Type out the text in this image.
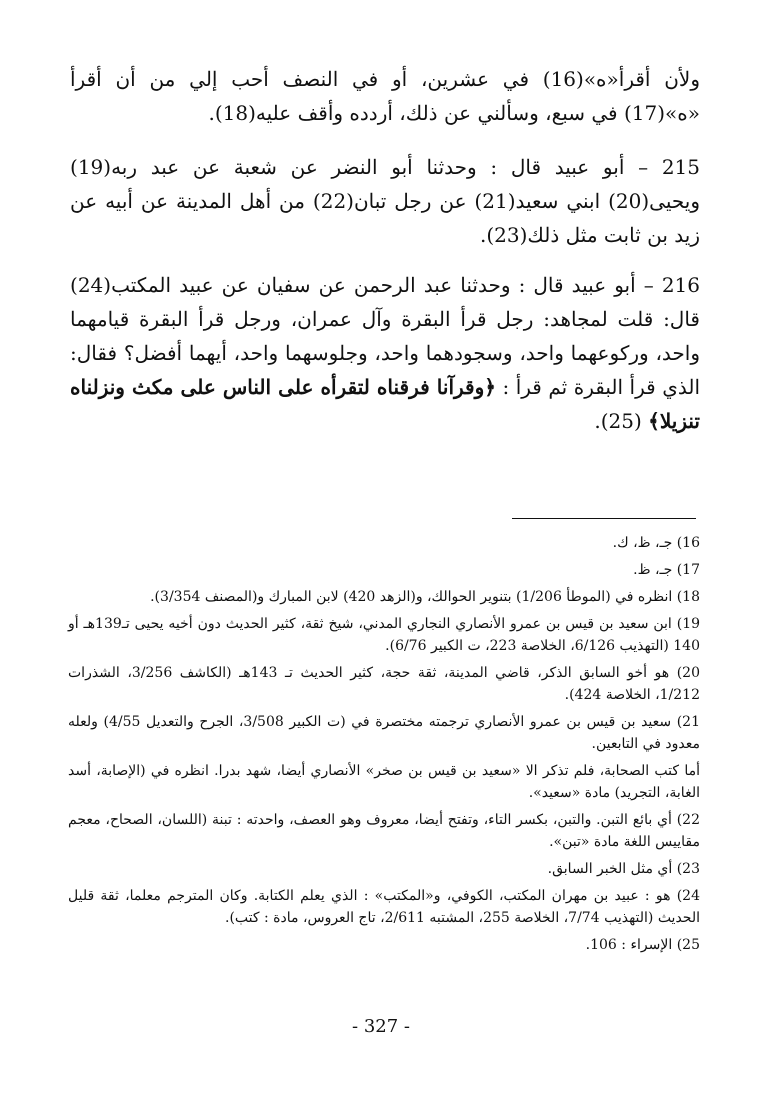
ولأن أقرأ«ه»(16) في عشرين، أو في النصف أحب إلي من أن أقرأ «ه»(17) في سبع، وسألني عن ذلك، أردده وأقف عليه(18).

215 – أبو عبيد قال : وحدثنا أبو النضر عن شعبة عن عبد ربه(19) ويحيى(20) ابني سعيد(21) عن رجل تبان(22) من أهل المدينة عن أبيه عن زيد بن ثابت مثل ذلك(23).

216 – أبو عبيد قال : وحدثنا عبد الرحمن عن سفيان عن عبيد المكتب(24) قال: قلت لمجاهد: رجل قرأ البقرة وآل عمران، ورجل قرأ البقرة قيامهما واحد، وركوعهما واحد، وسجودهما واحد، وجلوسهما واحد، أيهما أفضل؟ فقال: الذي قرأ البقرة ثم قرأ : ﴿وقرآنا فرقناه لتقرأه على الناس على مكث ونزلناه تنزيلا﴾ (25).

16) جـ، ظ، ك.
17) جـ، ظ.
18) انظره في (الموطأ 1/206) بتنوير الحوالك، و(الزهد 420) لابن المبارك و(المصنف 3/354).
19) ابن سعيد بن قيس بن عمرو الأنصاري النجاري المدني، شيخ ثقة، كثير الحديث دون أخيه يحيى تـ139هـ أو 140 (التهذيب 6/126، الخلاصة 223، ت الكبير 6/76).
20) هو أخو السابق الذكر، قاضي المدينة، ثقة حجة، كثير الحديث تـ 143هـ (الكاشف 3/256، الشذرات 1/212، الخلاصة 424).
21) سعيد بن قيس بن عمرو الأنصاري ترجمته مختصرة في (ت الكبير 3/508، الجرح والتعديل 4/55) ولعله معدود في التابعين.
أما كتب الصحابة، فلم تذكر الا «سعيد بن قيس بن صخر» الأنصاري أيضا، شهد بدرا. انظره في (الإصابة، أسد الغابة، التجريد) مادة «سعيد».
22) أي بائع التبن. والتبن، بكسر التاء، وتفتح أيضا، معروف وهو العصف، واحدته : تبنة (اللسان، الصحاح، معجم مقاييس اللغة مادة «تبن».
23) أي مثل الخبر السابق.
24) هو : عبيد بن مهران المكتب، الكوفي، و«المكتب» : الذي يعلم الكتابة. وكان المترجم معلما، ثقة قليل الحديث (التهذيب 7/74، الخلاصة 255، المشتبه 2/611، تاج العروس، مادة : كتب).
25) الإسراء : 106.
- 327 -
